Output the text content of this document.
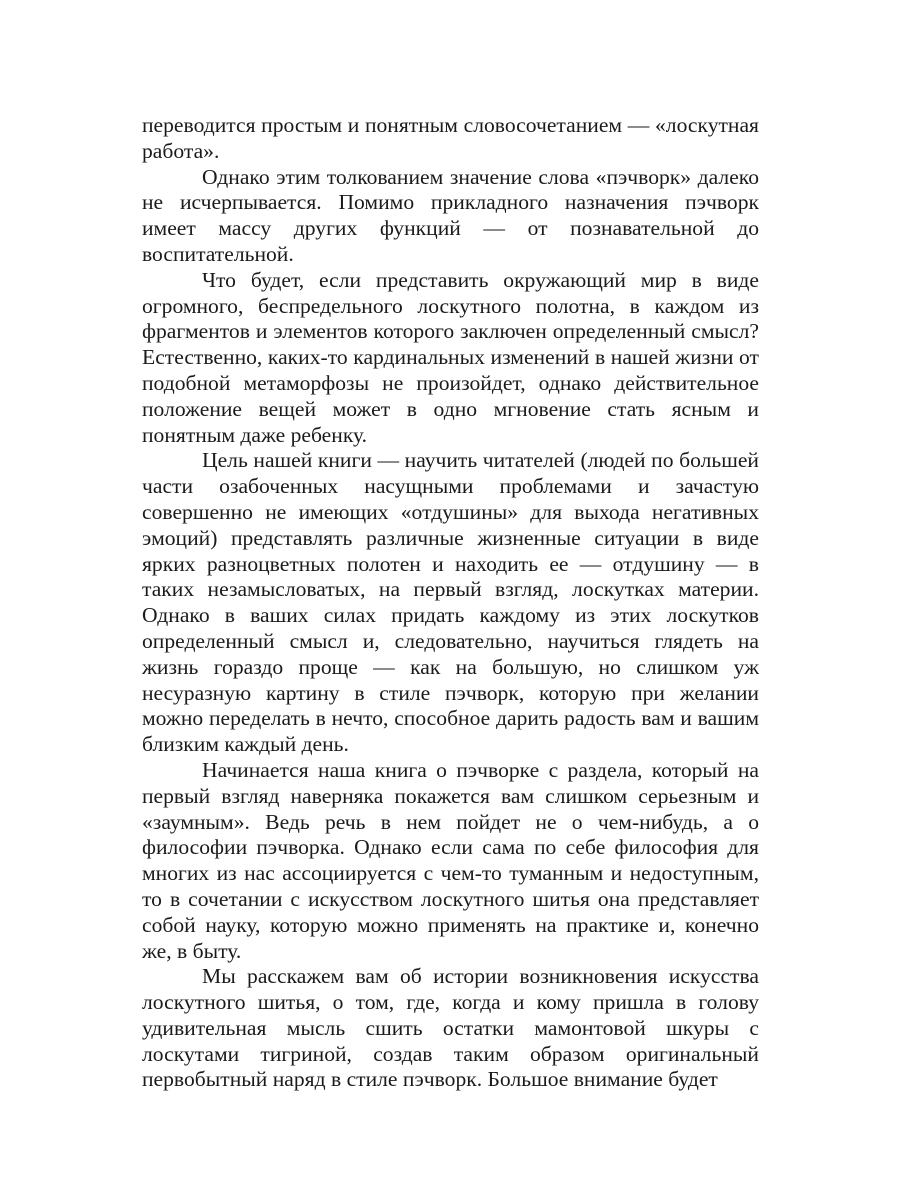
переводится простым и понятным словосочетанием — «лоскутная работа».

Однако этим толкованием значение слова «пэчворк» далеко не исчерпывается. Помимо прикладного назначения пэчворк имеет массу других функций — от познавательной до воспитательной.

Что будет, если представить окружающий мир в виде огромного, беспредельного лоскутного полотна, в каждом из фрагментов и элементов которого заключен определенный смысл? Естественно, каких-то кардинальных изменений в нашей жизни от подобной метаморфозы не произойдет, однако действительное положение вещей может в одно мгновение стать ясным и понятным даже ребенку.

Цель нашей книги — научить читателей (людей по большей части озабоченных насущными проблемами и зачастую совершенно не имеющих «отдушины» для выхода негативных эмоций) представлять различные жизненные ситуации в виде ярких разноцветных полотен и находить ее — отдушину — в таких незамысловатых, на первый взгляд, лоскутках материи. Однако в ваших силах придать каждому из этих лоскутков определенный смысл и, следовательно, научиться глядеть на жизнь гораздо проще — как на большую, но слишком уж несуразную картину в стиле пэчворк, которую при желании можно переделать в нечто, способное дарить радость вам и вашим близким каждый день.

Начинается наша книга о пэчворке с раздела, который на первый взгляд наверняка покажется вам слишком серьезным и «заумным». Ведь речь в нем пойдет не о чем-нибудь, а о философии пэчворка. Однако если сама по себе философия для многих из нас ассоциируется с чем-то туманным и недоступным, то в сочетании с искусством лоскутного шитья она представляет собой науку, которую можно применять на практике и, конечно же, в быту.

Мы расскажем вам об истории возникновения искусства лоскутного шитья, о том, где, когда и кому пришла в голову удивительная мысль сшить остатки мамонтовой шкуры с лоскутами тигриной, создав таким образом оригинальный первобытный наряд в стиле пэчворк. Большое внимание будет
